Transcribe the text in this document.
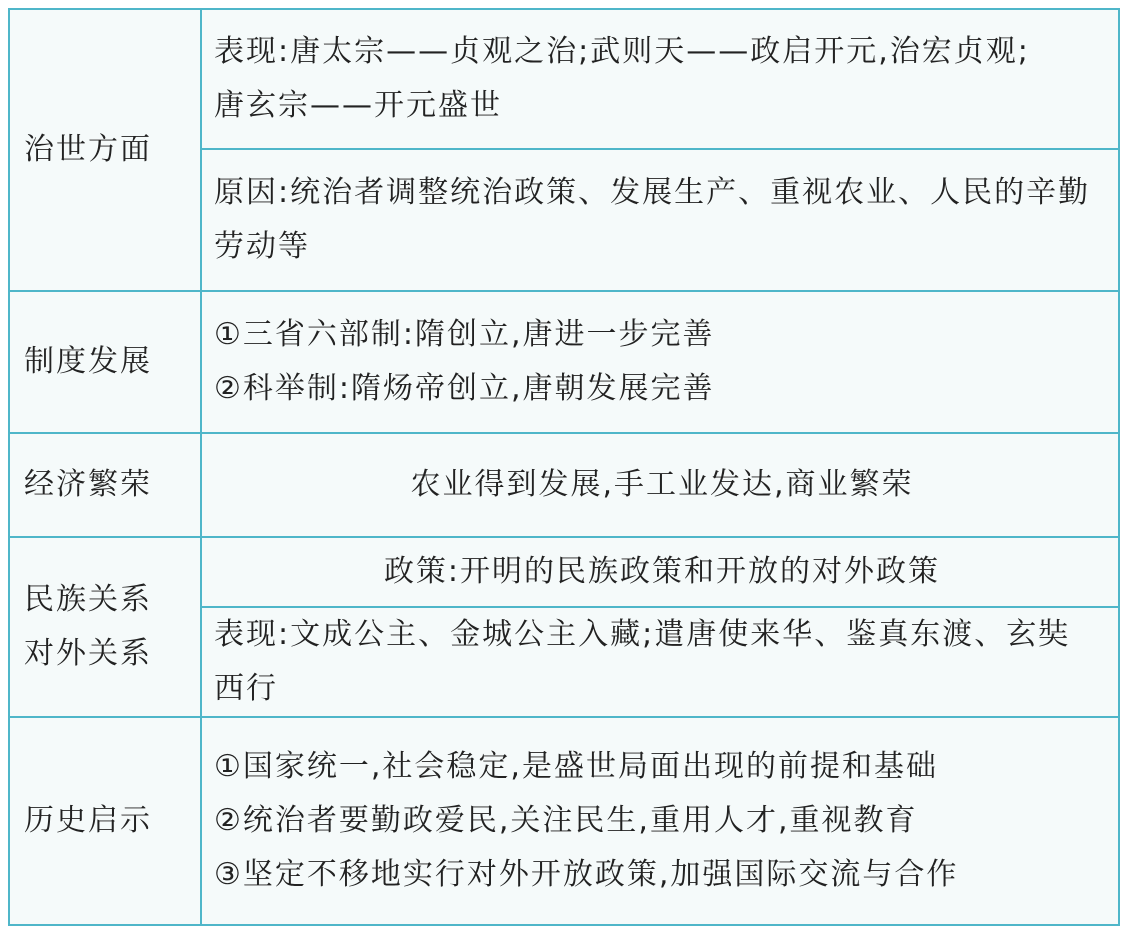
治世方面	表现:唐太宗——贞观之治;武则天——政启开元,治宏贞观;
唐玄宗——开元盛世

	原因:统治者调整统治政策、发展生产、重视农业、人民的辛勤
劳动等

制度发展	①三省六部制:隋创立,唐进一步完善
②科举制:隋炀帝创立,唐朝发展完善

经济繁荣	农业得到发展,手工业发达,商业繁荣

民族关系
对外关系	政策:开明的民族政策和开放的对外政策

	表现:文成公主、金城公主入藏;遣唐使来华、鉴真东渡、玄奘
西行

历史启示	①国家统一,社会稳定,是盛世局面出现的前提和基础
②统治者要勤政爱民,关注民生,重用人才,重视教育
③坚定不移地实行对外开放政策,加强国际交流与合作
